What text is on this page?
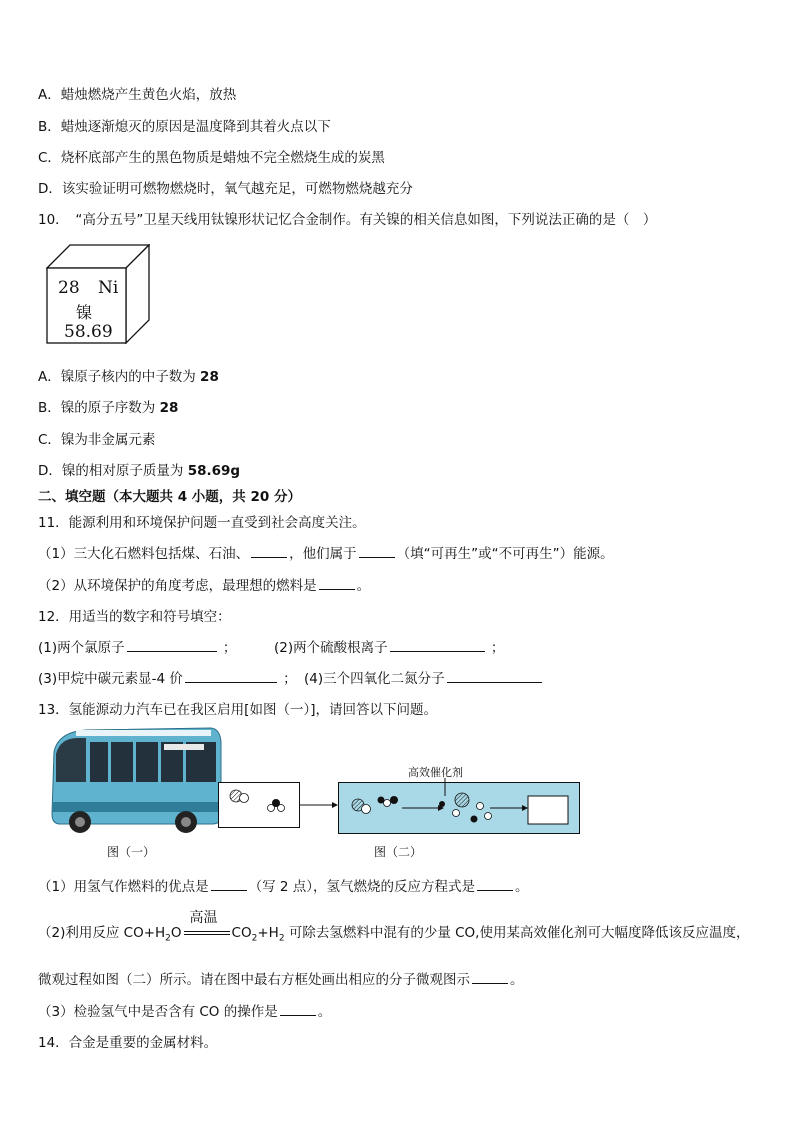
A．蜡烛燃烧产生黄色火焰，放热
B．蜡烛逐渐熄灭的原因是温度降到其着火点以下
C．烧杯底部产生的黑色物质是蜡烛不完全燃烧生成的炭黑
D．该实验证明可燃物燃烧时，氧气越充足，可燃物燃烧越充分
10．　“高分五号”卫星天线用钛镍形状记忆合金制作。有关镍的相关信息如图，下列说法正确的是（　）
28 Ni
镍
58.69
A．镍原子核内的中子数为 28
B．镍的原子序数为 28
C．镍为非金属元素
D．镍的相对原子质量为 58.69g
二、填空题（本大题共 4 小题，共 20 分）
11．能源利用和环境保护问题一直受到社会高度关注。
（1）三大化石燃料包括煤、石油、	，他们属于	（填“可再生”或“不可再生”）能源。
（2）从环境保护的角度考虑，最理想的燃料是	。
12．用适当的数字和符号填空：
(1)两个氯原子	；	(2)两个硫酸根离子	；
(3)甲烷中碳元素显-4 价	； (4)三个四氧化二氮分子
13．氢能源动力汽车已在我区启用[如图（一）]，请回答以下问题。
高效催化剂
图（一）	图（二）
（1）用氢气作燃料的优点是	（写 2 点），氢气燃烧的反应方程式是	。
（2)利用反应 $CO+H_2O$
高温
$CO_2+H_2$ 可除去氢燃料中混有的少量 CO,使用某高效催化剂可大幅度降低该反应温度，
微观过程如图（二）所示。请在图中最右方框处画出相应的分子微观图示	。
（3）检验氢气中是否含有 CO 的操作是	。
14．合金是重要的金属材料。
